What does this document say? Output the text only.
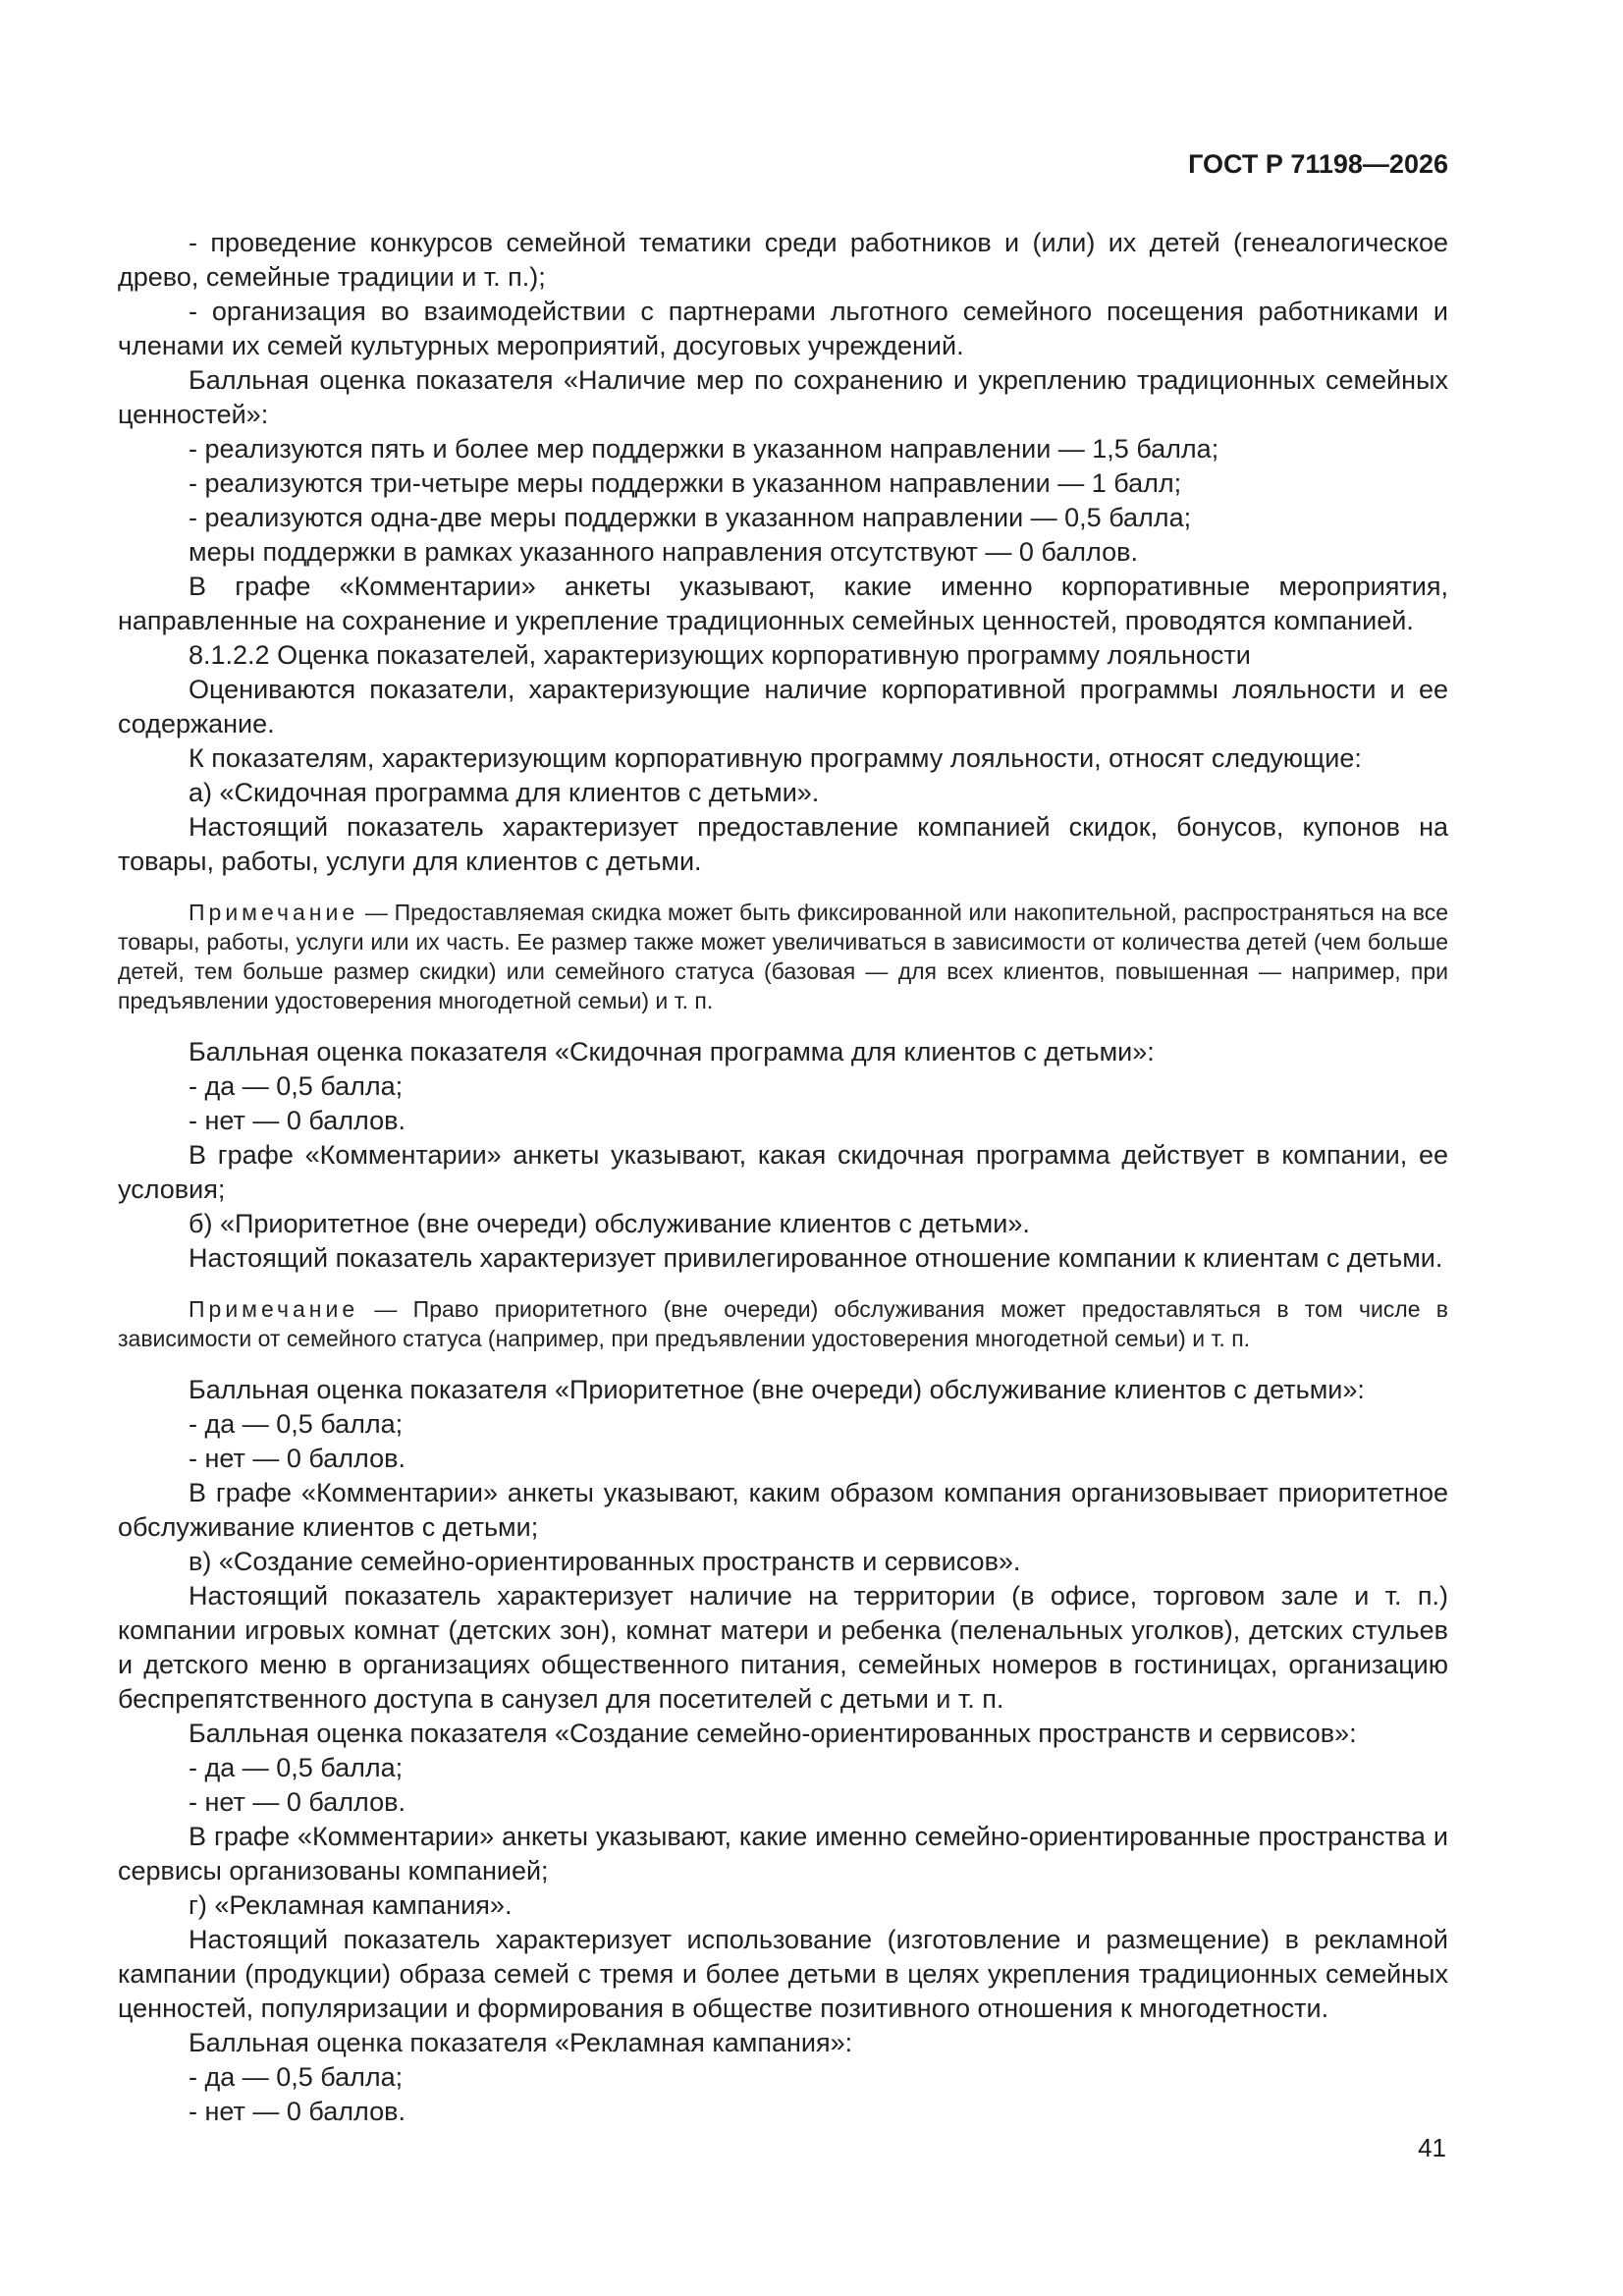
ГОСТ Р 71198—2026

- проведение конкурсов семейной тематики среди работников и (или) их детей (генеалогическое древо, семейные традиции и т. п.);

- организация во взаимодействии с партнерами льготного семейного посещения работниками и членами их семей культурных мероприятий, досуговых учреждений.

Балльная оценка показателя «Наличие мер по сохранению и укреплению традиционных семейных ценностей»:

- реализуются пять и более мер поддержки в указанном направлении — 1,5 балла;

- реализуются три-четыре меры поддержки в указанном направлении — 1 балл;

- реализуются одна-две меры поддержки в указанном направлении — 0,5 балла;

меры поддержки в рамках указанного направления отсутствуют — 0 баллов.

В графе «Комментарии» анкеты указывают, какие именно корпоративные мероприятия, направленные на сохранение и укрепление традиционных семейных ценностей, проводятся компанией.

8.1.2.2 Оценка показателей, характеризующих корпоративную программу лояльности

Оцениваются показатели, характеризующие наличие корпоративной программы лояльности и ее содержание.

К показателям, характеризующим корпоративную программу лояльности, относят следующие:

а) «Скидочная программа для клиентов с детьми».

Настоящий показатель характеризует предоставление компанией скидок, бонусов, купонов на товары, работы, услуги для клиентов с детьми.

Примечание — Предоставляемая скидка может быть фиксированной или накопительной, распространяться на все товары, работы, услуги или их часть. Ее размер также может увеличиваться в зависимости от количества детей (чем больше детей, тем больше размер скидки) или семейного статуса (базовая — для всех клиентов, повышенная — например, при предъявлении удостоверения многодетной семьи) и т. п.

Балльная оценка показателя «Скидочная программа для клиентов с детьми»:

- да — 0,5 балла;

- нет — 0 баллов.

В графе «Комментарии» анкеты указывают, какая скидочная программа действует в компании, ее условия;

б) «Приоритетное (вне очереди) обслуживание клиентов с детьми».

Настоящий показатель характеризует привилегированное отношение компании к клиентам с детьми.

Примечание — Право приоритетного (вне очереди) обслуживания может предоставляться в том числе в зависимости от семейного статуса (например, при предъявлении удостоверения многодетной семьи) и т. п.

Балльная оценка показателя «Приоритетное (вне очереди) обслуживание клиентов с детьми»:

- да — 0,5 балла;

- нет — 0 баллов.

В графе «Комментарии» анкеты указывают, каким образом компания организовывает приоритетное обслуживание клиентов с детьми;

в) «Создание семейно-ориентированных пространств и сервисов».

Настоящий показатель характеризует наличие на территории (в офисе, торговом зале и т. п.) компании игровых комнат (детских зон), комнат матери и ребенка (пеленальных уголков), детских стульев и детского меню в организациях общественного питания, семейных номеров в гостиницах, организацию беспрепятственного доступа в санузел для посетителей с детьми и т. п.

Балльная оценка показателя «Создание семейно-ориентированных пространств и сервисов»:

- да — 0,5 балла;

- нет — 0 баллов.

В графе «Комментарии» анкеты указывают, какие именно семейно-ориентированные пространства и сервисы организованы компанией;

г) «Рекламная кампания».

Настоящий показатель характеризует использование (изготовление и размещение) в рекламной кампании (продукции) образа семей с тремя и более детьми в целях укрепления традиционных семейных ценностей, популяризации и формирования в обществе позитивного отношения к многодетности.

Балльная оценка показателя «Рекламная кампания»:

- да — 0,5 балла;

- нет — 0 баллов.

41
